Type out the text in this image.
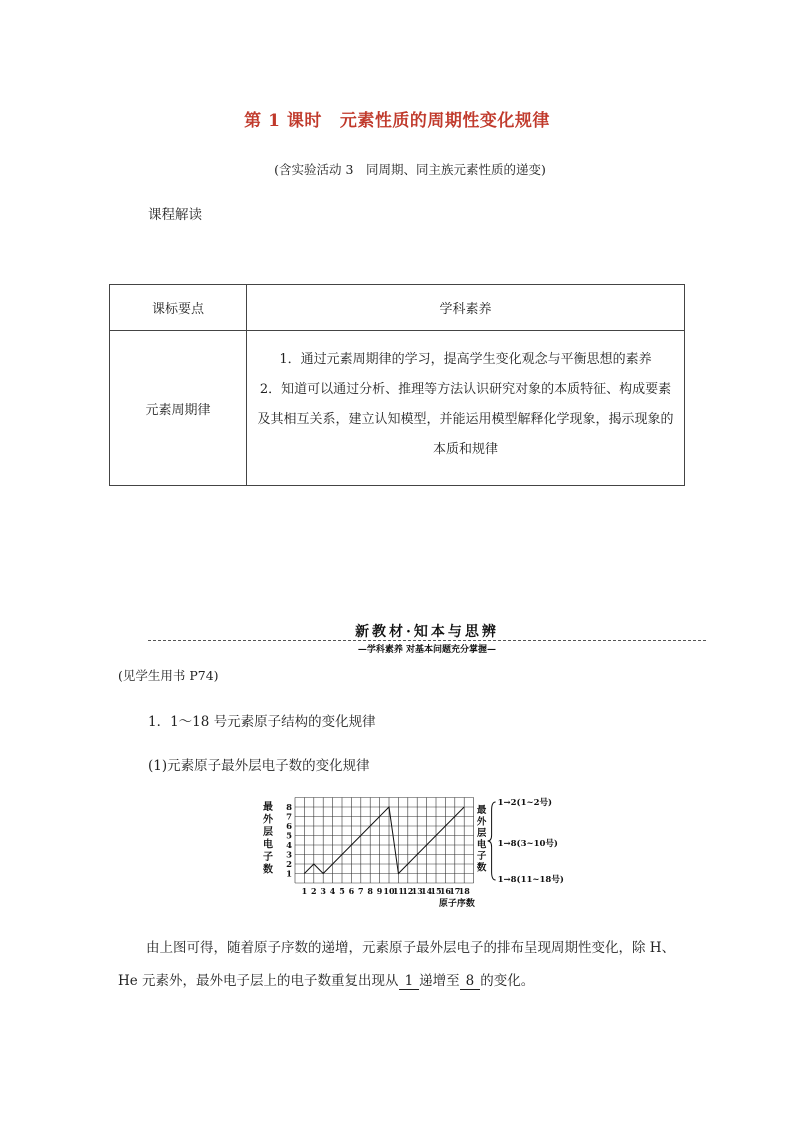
第 1 课时 元素性质的周期性变化规律
(含实验活动 3　同周期、同主族元素性质的递变)
课程解读
课标要点	学科素养
元素周期律	1．通过元素周期律的学习，提高学生变化观念与平衡思想的素养
2．知道可以通过分析、推理等方法认识研究对象的本质特征、构成要素及其相互关系，建立认知模型，并能运用模型解释化学现象，揭示现象的本质和规律
新教材·知本与思辨
—学科素养 对基本问题充分掌握—
(见学生用书 P74)
1．1～18 号元素原子结构的变化规律
(1)元素原子最外层电子数的变化规律
1
2
3
4
5
6
7
8
1 2 3 4 5 6 7 8 9 10
11
12
13
14
15
16
17
18
最
外
层
电
子
数
原子序数
最
外
层
电
子
数
1→2(1~2号)
1→8(3~10号)
1→8(11~18号)
由上图可得，随着原子序数的递增，元素原子最外层电子的排布呈现周期性变化，除 H、He 元素外，最外电子层上的电子数重复出现从 1 递增至 8 的变化。
